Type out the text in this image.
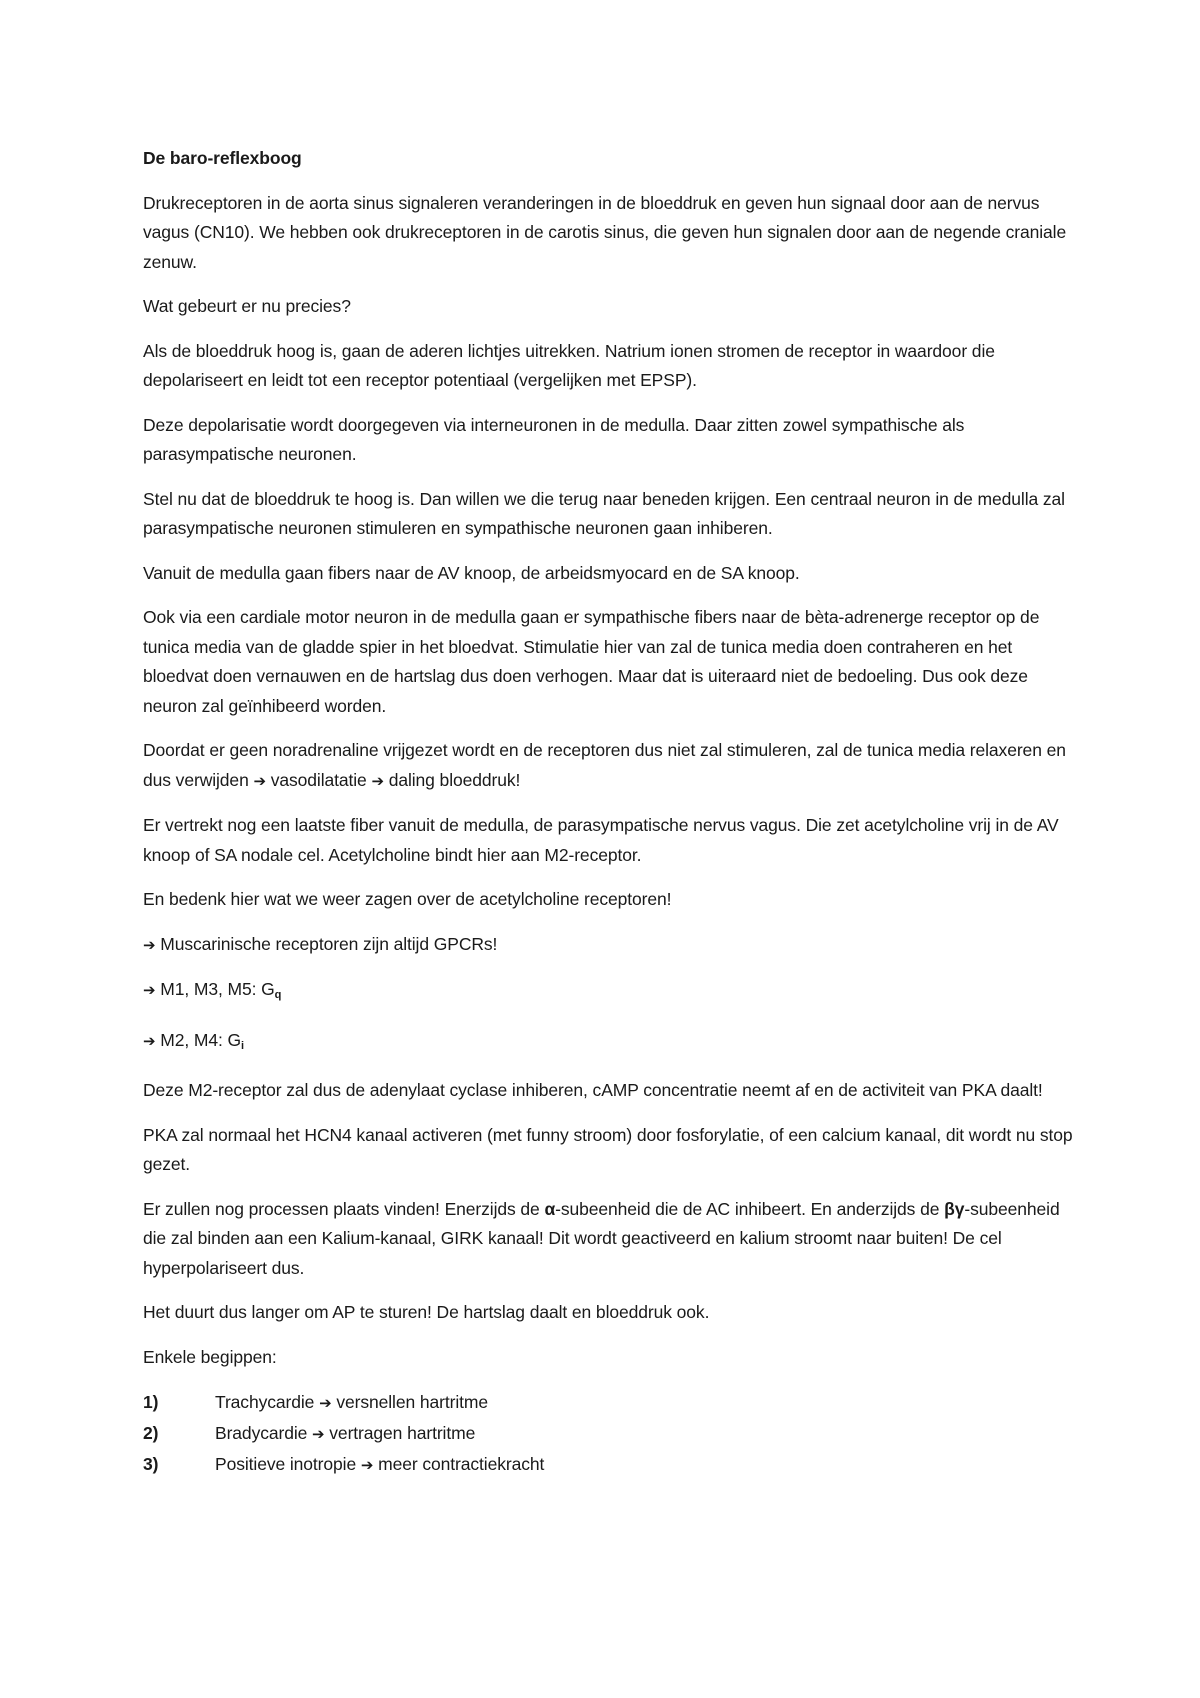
De baro-reflexboog

Drukreceptoren in de aorta sinus signaleren veranderingen in de bloeddruk en geven hun signaal door aan de nervus vagus (CN10). We hebben ook drukreceptoren in de carotis sinus, die geven hun signalen door aan de negende craniale zenuw.

Wat gebeurt er nu precies?

Als de bloeddruk hoog is, gaan de aderen lichtjes uitrekken. Natrium ionen stromen de receptor in waardoor die depolariseert en leidt tot een receptor potentiaal (vergelijken met EPSP).

Deze depolarisatie wordt doorgegeven via interneuronen in de medulla. Daar zitten zowel sympathische als parasympatische neuronen.

Stel nu dat de bloeddruk te hoog is. Dan willen we die terug naar beneden krijgen. Een centraal neuron in de medulla zal parasympatische neuronen stimuleren en sympathische neuronen gaan inhiberen.

Vanuit de medulla gaan fibers naar de AV knoop, de arbeidsmyocard en de SA knoop.

Ook via een cardiale motor neuron in de medulla gaan er sympathische fibers naar de bèta-adrenerge receptor op de tunica media van de gladde spier in het bloedvat. Stimulatie hier van zal de tunica media doen contraheren en het bloedvat doen vernauwen en de hartslag dus doen verhogen. Maar dat is uiteraard niet de bedoeling. Dus ook deze neuron zal geïnhibeerd worden.

Doordat er geen noradrenaline vrijgezet wordt en de receptoren dus niet zal stimuleren, zal de tunica media relaxeren en dus verwijden ➔ vasodilatatie ➔ daling bloeddruk!

Er vertrekt nog een laatste fiber vanuit de medulla, de parasympatische nervus vagus. Die zet acetylcholine vrij in de AV knoop of SA nodale cel. Acetylcholine bindt hier aan M2-receptor.

En bedenk hier wat we weer zagen over de acetylcholine receptoren!

➔ Muscarinische receptoren zijn altijd GPCRs!

➔ M1, M3, M5: $G_q$

➔ M2, M4: $G_i$

Deze M2-receptor zal dus de adenylaat cyclase inhiberen, cAMP concentratie neemt af en de activiteit van PKA daalt!

PKA zal normaal het HCN4 kanaal activeren (met funny stroom) door fosforylatie, of een calcium kanaal, dit wordt nu stop gezet.

Er zullen nog processen plaats vinden! Enerzijds de α-subeenheid die de AC inhibeert. En anderzijds de βγ-subeenheid die zal binden aan een Kalium-kanaal, GIRK kanaal! Dit wordt geactiveerd en kalium stroomt naar buiten! De cel hyperpolariseert dus.

Het duurt dus langer om AP te sturen! De hartslag daalt en bloeddruk ook.

Enkele begippen:

1)	Trachycardie ➔ versnellen hartritme
2)	Bradycardie ➔ vertragen hartritme
3)	Positieve inotropie ➔ meer contractiekracht
